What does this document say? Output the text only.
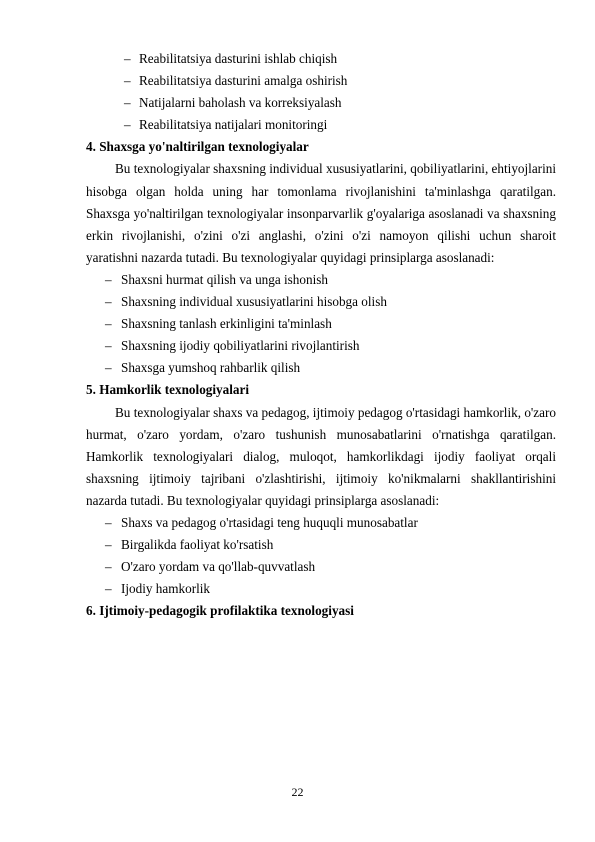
– Reabilitatsiya dasturini ishlab chiqish
– Reabilitatsiya dasturini amalga oshirish
– Natijalarni baholash va korreksiyalash
– Reabilitatsiya natijalari monitoringi
4. Shaxsga yo'naltirilgan texnologiyalar

Bu texnologiyalar shaxsning individual xususiyatlarini, qobiliyatlarini, ehtiyojlarini hisobga olgan holda uning har tomonlama rivojlanishini ta'minlashga qaratilgan. Shaxsga yo'naltirilgan texnologiyalar insonparvarlik g'oyalariga asoslanadi va shaxsning erkin rivojlanishi, o'zini o'zi anglashi, o'zini o'zi namoyon qilishi uchun sharoit yaratishni nazarda tutadi. Bu texnologiyalar quyidagi prinsiplarga asoslanadi:

– Shaxsni hurmat qilish va unga ishonish
– Shaxsning individual xususiyatlarini hisobga olish
– Shaxsning tanlash erkinligini ta'minlash
– Shaxsning ijodiy qobiliyatlarini rivojlantirish
– Shaxsga yumshoq rahbarlik qilish
5. Hamkorlik texnologiyalari

Bu texnologiyalar shaxs va pedagog, ijtimoiy pedagog o'rtasidagi hamkorlik, o'zaro hurmat, o'zaro yordam, o'zaro tushunish munosabatlarini o'rnatishga qaratilgan. Hamkorlik texnologiyalari dialog, muloqot, hamkorlikdagi ijodiy faoliyat orqali shaxsning ijtimoiy tajribani o'zlashtirishi, ijtimoiy ko'nikmalarni shakllantirishini nazarda tutadi. Bu texnologiyalar quyidagi prinsiplarga asoslanadi:

– Shaxs va pedagog o'rtasidagi teng huquqli munosabatlar
– Birgalikda faoliyat ko'rsatish
– O'zaro yordam va qo'llab-quvvatlash
– Ijodiy hamkorlik
6. Ijtimoiy-pedagogik profilaktika texnologiyasi
22
